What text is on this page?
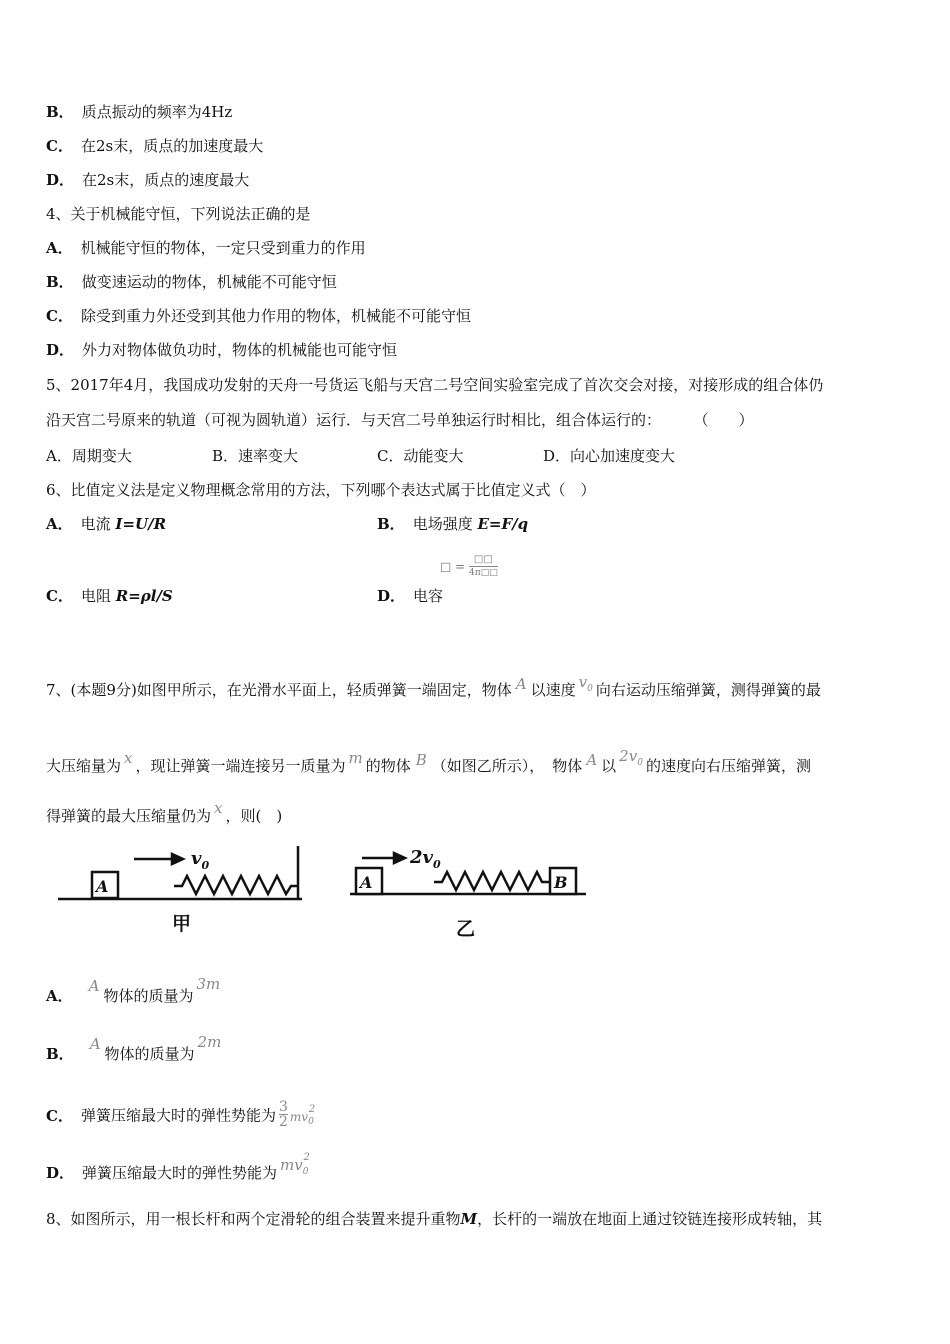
B． 质点振动的频率为4Hz
C． 在2s末，质点的加速度最大
D． 在2s末，质点的速度最大
4、关于机械能守恒，下列说法正确的是
A． 机械能守恒的物体，一定只受到重力的作用
B． 做变速运动的物体，机械能不可能守恒
C． 除受到重力外还受到其他力作用的物体，机械能不可能守恒
D． 外力对物体做负功时，物体的机械能也可能守恒
5、2017年4月，我国成功发射的天舟一号货运飞船与天宫二号空间实验室完成了首次交会对接，对接形成的组合体仍
沿天宫二号原来的轨道（可视为圆轨道）运行．与天宫二号单独运行时相比，组合体运行的：	（　　）
A．周期变大	B．速率变大	C．动能变大	D．向心加速度变大
6、比值定义法是定义物理概念常用的方法，下列哪个表达式属于比值定义式（　）
A． 电流 I=U/R	B． 电场强度 E=F/q
C． 电阻 R=ρl/S	D． 电容
□ = $\frac{□□}{4\pi□□}$
7、(本题9分)如图甲所示，在光滑水平面上，轻质弹簧一端固定，物体 A 以速度 $v_0$ 向右运动压缩弹簧，测得弹簧的最
大压缩量为 x ，现让弹簧一端连接另一质量为 m 的物体 B （如图乙所示）， 物体 A 以$2v_0$ 的速度向右压缩弹簧，测
得弹簧的最大压缩量仍为 x ，则(　)
A
$v_0$
甲
A	B
$2v_0$
乙
A．A物体的质量为3m
B．A物体的质量为2m
C． 弹簧压缩最大时的弹性势能为 $\frac{3}{2} mv_0^2$
D． 弹簧压缩最大时的弹性势能为 $mv_0^2$
8、如图所示，用一根长杆和两个定滑轮的组合装置来提升重物M，长杆的一端放在地面上通过铰链连接形成转轴，其
